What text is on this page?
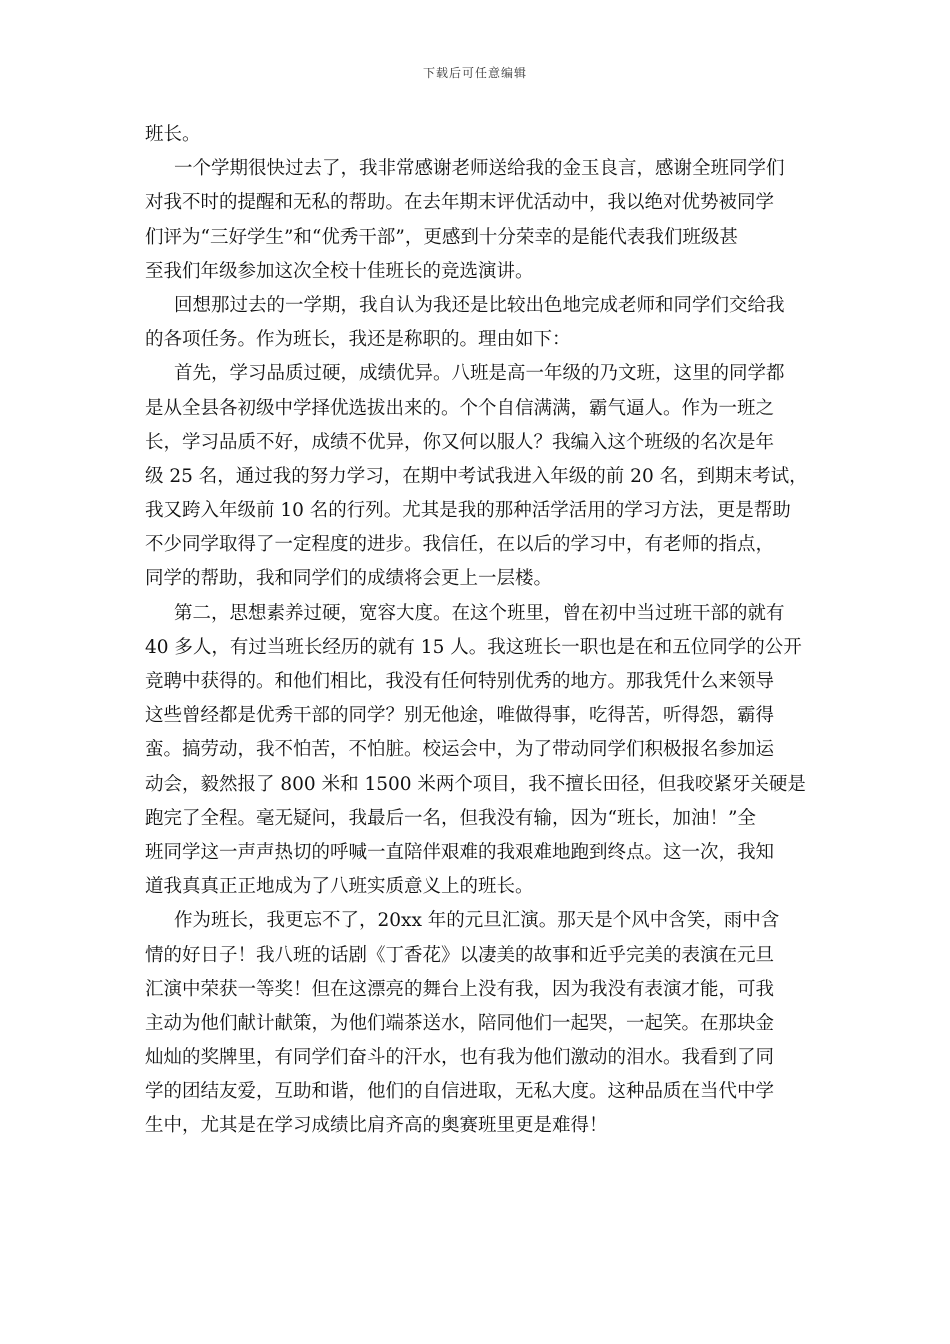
下载后可任意编辑
班长。
一个学期很快过去了，我非常感谢老师送给我的金玉良言，感谢全班同学们
对我不时的提醒和无私的帮助。在去年期末评优活动中，我以绝对优势被同学
们评为“三好学生”和“优秀干部”，更感到十分荣幸的是能代表我们班级甚
至我们年级参加这次全校十佳班长的竞选演讲。
回想那过去的一学期，我自认为我还是比较出色地完成老师和同学们交给我
的各项任务。作为班长，我还是称职的。理由如下：
首先，学习品质过硬，成绩优异。八班是高一年级的乃文班，这里的同学都
是从全县各初级中学择优选拔出来的。个个自信满满，霸气逼人。作为一班之
长，学习品质不好，成绩不优异，你又何以服人？我编入这个班级的名次是年
级 25 名，通过我的努力学习，在期中考试我进入年级的前 20 名，到期末考试，
我又跨入年级前 10 名的行列。尤其是我的那种活学活用的学习方法，更是帮助
不少同学取得了一定程度的进步。我信任，在以后的学习中，有老师的指点，
同学的帮助，我和同学们的成绩将会更上一层楼。
第二，思想素养过硬，宽容大度。在这个班里，曾在初中当过班干部的就有
40 多人，有过当班长经历的就有 15 人。我这班长一职也是在和五位同学的公开
竞聘中获得的。和他们相比，我没有任何特别优秀的地方。那我凭什么来领导
这些曾经都是优秀干部的同学？别无他途，唯做得事，吃得苦，听得怨，霸得
蛮。搞劳动，我不怕苦，不怕脏。校运会中，为了带动同学们积极报名参加运
动会，毅然报了 800 米和 1500 米两个项目，我不擅长田径，但我咬紧牙关硬是
跑完了全程。毫无疑问，我最后一名，但我没有输，因为“班长，加油！”全
班同学这一声声热切的呼喊一直陪伴艰难的我艰难地跑到终点。这一次，我知
道我真真正正地成为了八班实质意义上的班长。
作为班长，我更忘不了，20xx 年的元旦汇演。那天是个风中含笑，雨中含
情的好日子！我八班的话剧《丁香花》以凄美的故事和近乎完美的表演在元旦
汇演中荣获一等奖！但在这漂亮的舞台上没有我，因为我没有表演才能，可我
主动为他们献计献策，为他们端茶送水，陪同他们一起哭，一起笑。在那块金
灿灿的奖牌里，有同学们奋斗的汗水，也有我为他们激动的泪水。我看到了同
学的团结友爱，互助和谐，他们的自信进取，无私大度。这种品质在当代中学
生中，尤其是在学习成绩比肩齐高的奥赛班里更是难得！
